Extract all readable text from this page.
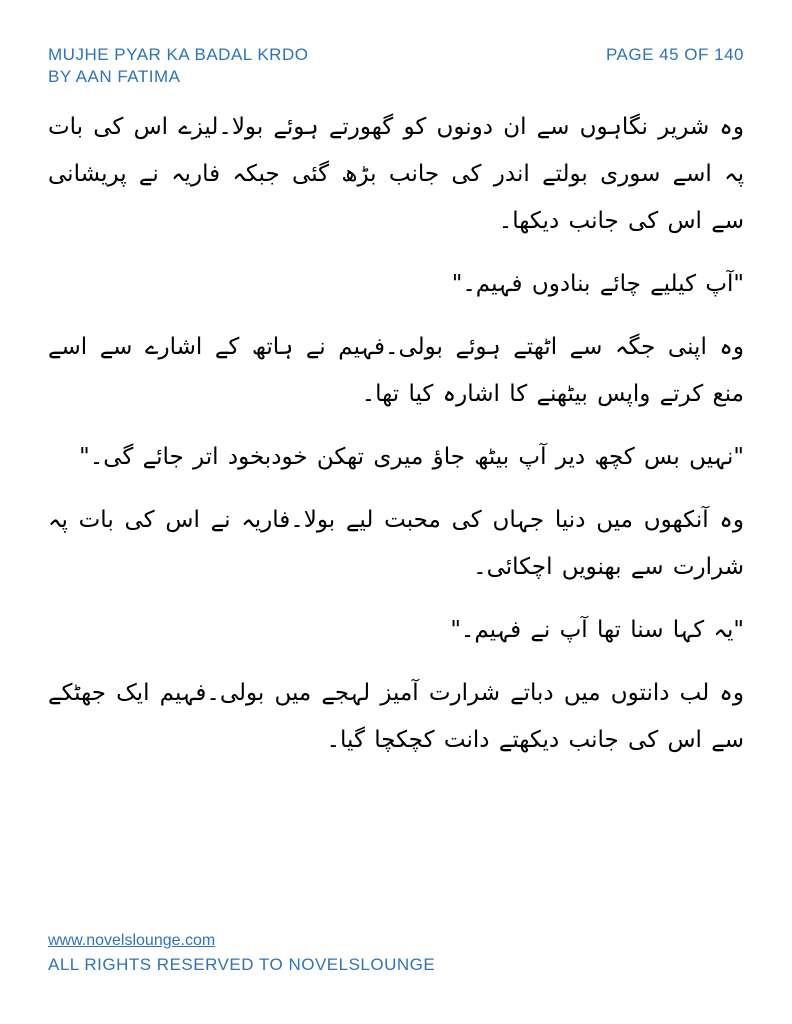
MUJHE PYAR KA BADAL KRDO
BY AAN FATIMA
PAGE 45 OF 140

وہ شریر نگاہوں سے ان دونوں کو گھورتے ہوئے بولا۔لیزے اس کی بات پہ اسے سوری بولتے اندر کی جانب بڑھ گئی جبکہ فاریہ نے پریشانی سے اس کی جانب دیکھا۔

"آپ کیلیے چائے بنادوں فہیم۔"

وہ اپنی جگہ سے اٹھتے ہوئے بولی۔فہیم نے ہاتھ کے اشارے سے اسے منع کرتے واپس بیٹھنے کا اشارہ کیا تھا۔

"نہیں بس کچھ دیر آپ بیٹھ جاؤ میری تھکن خودبخود اتر جائے گی۔"

وہ آنکھوں میں دنیا جہاں کی محبت لیے بولا۔فاریہ نے اس کی بات پہ شرارت سے بھنویں اچکائی۔

"یہ کہا سنا تھا آپ نے فہیم۔"

وہ لب دانتوں میں دباتے شرارت آمیز لہجے میں بولی۔فہیم ایک جھٹکے سے اس کی جانب دیکھتے دانت کچکچا گیا۔

www.novelslounge.com
ALL RIGHTS RESERVED TO NOVELSLOUNGE
